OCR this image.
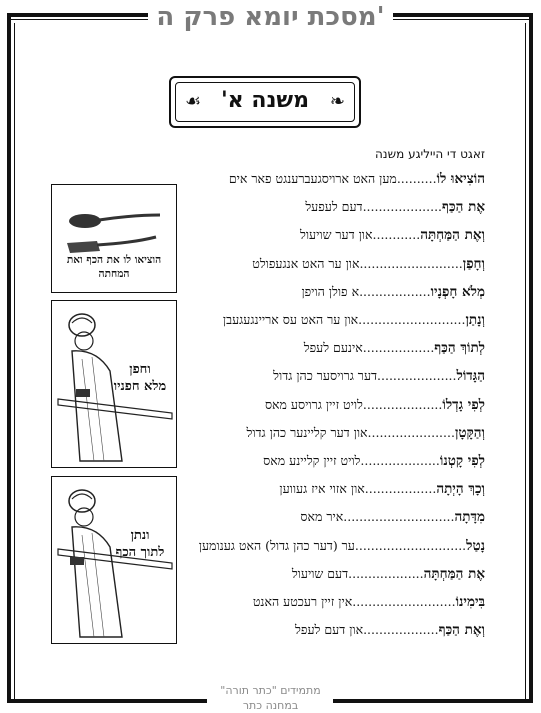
מסכת יומא פרק ה'
❧
משנה א'
☙
זאגט די הייליגע משנה
הוֹצִיאוּ לוֹ..........מען האט ארויסגעברענגט פאר אים
אֶת הַכַּף....................דעם לעפעל
וְאֶת הַמַּחְתָּה............און דער שויעול
וְחָפַן..........................און ער האט אנגעפולט
מְלֹא חָפְנָיו..................א פולן הויפן
וְנָתַן...........................און ער האט עס אריינגעגעבן
לְתוֹךְ הַכַּף..................אינעם לעפל
הַגָּדוֹל....................דער גרויסער כהן גדול
לְפִי גָדְלוֹ....................לויט זיין גרויסע מאס
וְהַקָּטָן......................און דער קליינער כהן גדול
לְפִי קָטְנוֹ....................לויט זיין קליינע מאס
וְכָךְ הָיְתָה..................און אזוי איז געווען
מִדָּתָה............................איר מאס
נָטַל............................ער (דער כהן גדול) האט גענומען
אֶת הַמַּחְתָּה...................דעם שויעול
בִּימִינוֹ..........................אין זיין רעכטע האנט
וְאֶת הַכַּף...................און דעם לעפל
הוציאו לו את הכף ואת המחתה
וחפן
מלא חפניו
ונתן
לתוך הכף
מתמידים "כתר תורה"
במחנה כתר
